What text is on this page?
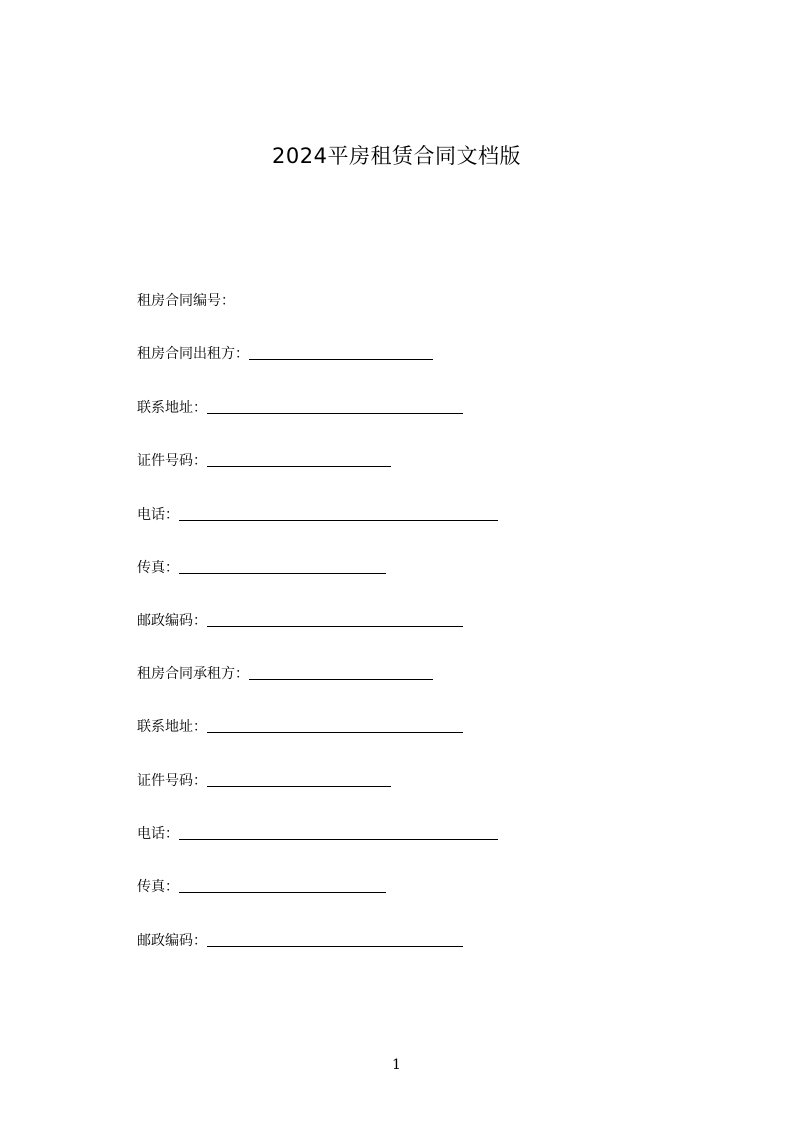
2024平房租赁合同文档版
租房合同编号：
租房合同出租方：
联系地址：
证件号码：
电话：
传真：
邮政编码：
租房合同承租方：
联系地址：
证件号码：
电话：
传真：
邮政编码：
1
